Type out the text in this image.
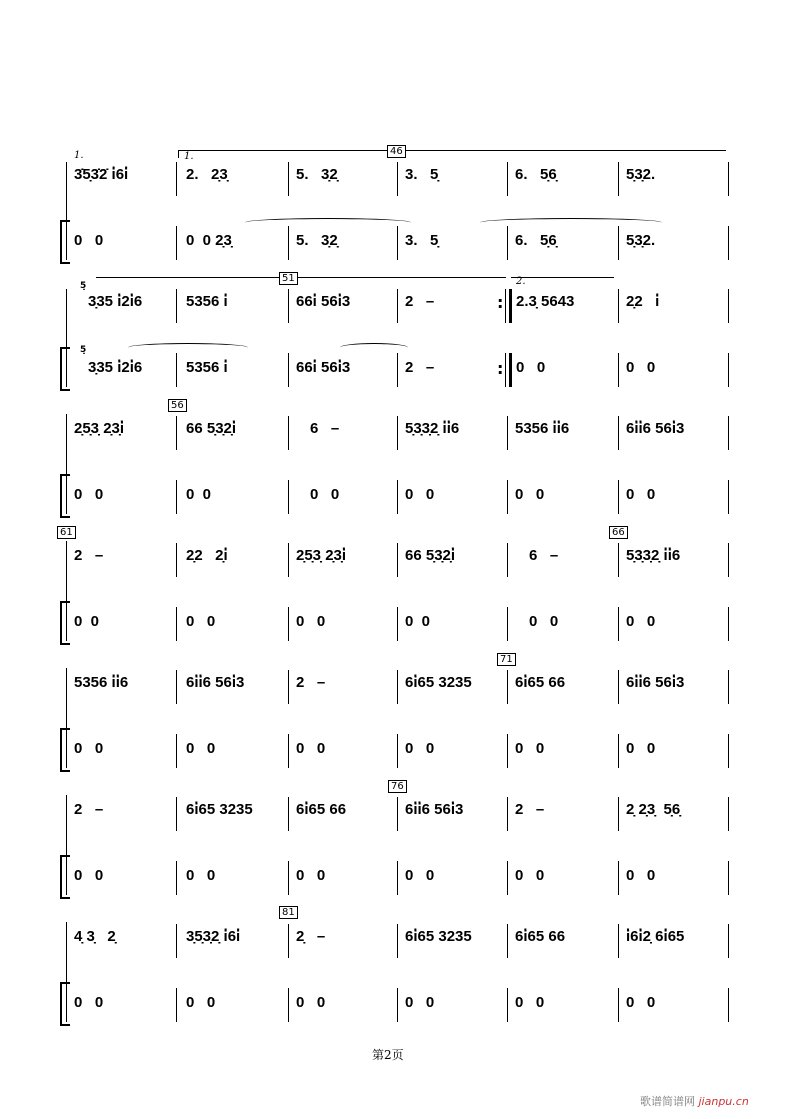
1.	1.	46
3̇5̣3̇2̇ i̇6i̇	2.   2̣3̣	5.   3̣2̣	3.   5̣	6.   5̣6̣	5̣3̣2.
0   0	0  0 2̣3̣	5.   3̣2̣	3.   5̣	6.   5̣6̣	5̣3̣2.
51	2.
5̣
5̣
3̣35 i̇2i̇6	5356 i̇	66i̇ 56i̇3	2   –	: 2.3̣ 5643	2̣2   i̇
3̣35 i̇2i̇6	5356 i̇	66i̇ 56i̇3	2   –	: 0   0	0   0
56
2̣5̣3̣ 2̣3̣i̇	66 5̣3̣2̣i̇	6   –	5̣3̣3̣2̣ i̇i̇6	5356 i̇i̇6	6i̇i̇6 56i̇3
0   0	0  0	0   0	0   0	0   0	0   0
61	66
2   –	2̣2   2̣i̇	2̣5̣3̣ 2̣3̣i̇	66 5̣3̣2̣i̇	6   –	5̣3̣3̣2̣ i̇i̇6
0  0	0   0	0   0	0  0	0   0	0   0
71
5356 i̇i̇6	6i̇i̇6 56i̇3	2   –	6i̇65 3235	6i̇65 66	6i̇i̇6 56i̇3
0   0	0   0	0   0	0   0	0   0	0   0
76
2   –	6i̇65 3235	6i̇65 66	6i̇i̇6 56i̇3	2   –	2̣ 2̣3̣  5̣6̣
0   0	0   0	0   0	0   0	0   0	0   0
81
4̣ 3̣   2̣	3̣5̣3̣2̣ i̇6i̇	2̣   –	6i̇65 3235	6i̇65 66	i̇6i̇2̣ 6i̇65
0   0	0   0	0   0	0   0	0   0	0   0
第2页
歌谱简谱网 jianpu.cn
